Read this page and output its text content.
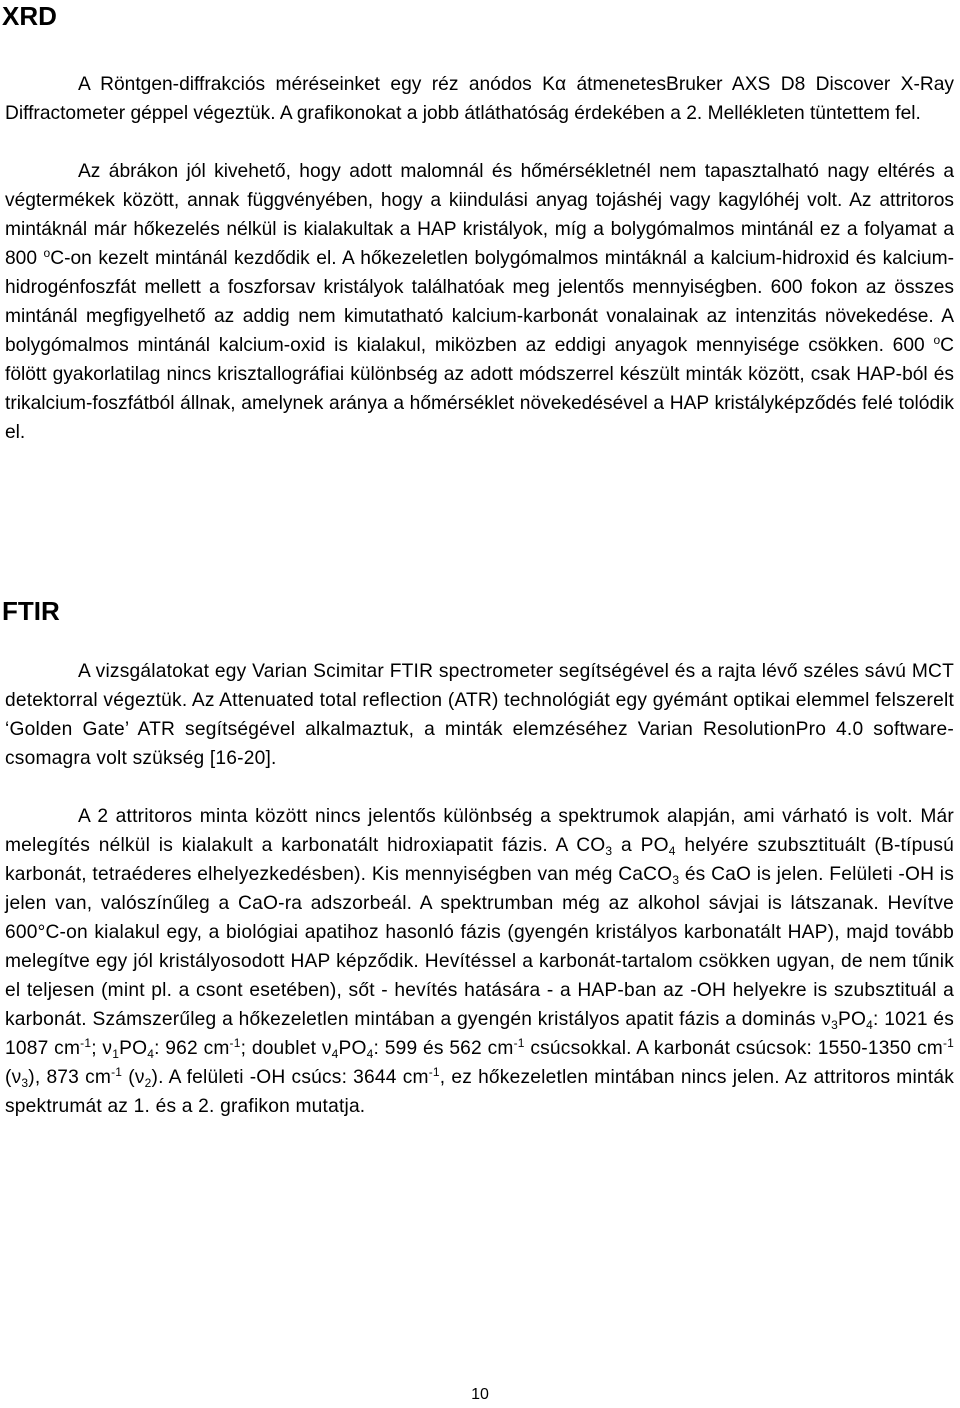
XRD

A Röntgen-diffrakciós méréseinket egy réz anódos Kα átmenetesBruker AXS D8 Discover X-Ray Diffractometer géppel végeztük. A grafikonokat a jobb átláthatóság érdekében a 2. Mellékleten tüntettem fel.

Az ábrákon jól kivehető, hogy adott malomnál és hőmérsékletnél nem tapasztalható nagy eltérés a végtermékek között, annak függvényében, hogy a kiindulási anyag tojáshéj vagy kagylóhéj volt. Az attritoros mintáknál már hőkezelés nélkül is kialakultak a HAP kristályok, míg a bolygómalmos mintánál ez a folyamat a 800 $^o$C-on kezelt mintánál kezdődik el. A hőkezeletlen bolygómalmos mintáknál a kalcium-hidroxid és kalcium-hidrogénfoszfát mellett a foszforsav kristályok találhatóak meg jelentős mennyiségben. 600 fokon az összes mintánál megfigyelhető az addig nem kimutatható kalcium-karbonát vonalainak az intenzitás növekedése. A bolygómalmos mintánál kalcium-oxid is kialakul, miközben az eddigi anyagok mennyisége csökken. 600 $^o$C fölött gyakorlatilag nincs krisztallográfiai különbség az adott módszerrel készült minták között, csak HAP-ból és trikalcium-foszfátból állnak, amelynek aránya a hőmérséklet növekedésével a HAP kristályképződés felé tolódik el.

FTIR

A vizsgálatokat egy Varian Scimitar FTIR spectrometer segítségével és a rajta lévő széles sávú MCT detektorral végeztük. Az Attenuated total reflection (ATR) technológiát egy gyémánt optikai elemmel felszerelt ‘Golden Gate’ ATR segítségével alkalmaztuk, a minták elemzéséhez Varian ResolutionPro 4.0 software-csomagra volt szükség [16-20].

A 2 attritoros minta között nincs jelentős különbség a spektrumok alapján, ami várható is volt. Már melegítés nélkül is kialakult a karbonatált hidroxiapatit fázis. A $CO_3$ a $PO_4$ helyére szubsztituált (B-típusú karbonát, tetraéderes elhelyezkedésben). Kis mennyiségben van még CaCO$_3$ és CaO is jelen. Felületi -OH is jelen van, valószínűleg a CaO-ra adszorbeál. A spektrumban még az alkohol sávjai is látszanak. Hevítve 600°C-on kialakul egy, a biológiai apatihoz hasonló fázis (gyengén kristályos karbonatált HAP), majd tovább melegítve egy jól kristályosodott HAP képződik. Hevítéssel a karbonát-tartalom csökken ugyan, de nem tűnik el teljesen (mint pl. a csont esetében), sőt - hevítés hatására - a HAP-ban az -OH helyekre is szubsztituál a karbonát. Számszerűleg a hőkezeletlen mintában a gyengén kristályos apatit fázis a dominás $\nu_3PO_4$: 1021 és 1087 $cm^{-1}$; $\nu_1PO_4$: 962 $cm^{-1}$; doublet $\nu_4PO_4$: 599 és 562 $cm^{-1}$ csúcsokkal. A karbonát csúcsok: 1550-1350 $cm^{-1}$ $(\nu_3)$, 873 $cm^{-1}$ $(\nu_2)$. A felületi -OH csúcs: 3644 $cm^{-1}$, ez hőkezeletlen mintában nincs jelen. Az attritoros minták spektrumát az 1. és a 2. grafikon mutatja.

10
